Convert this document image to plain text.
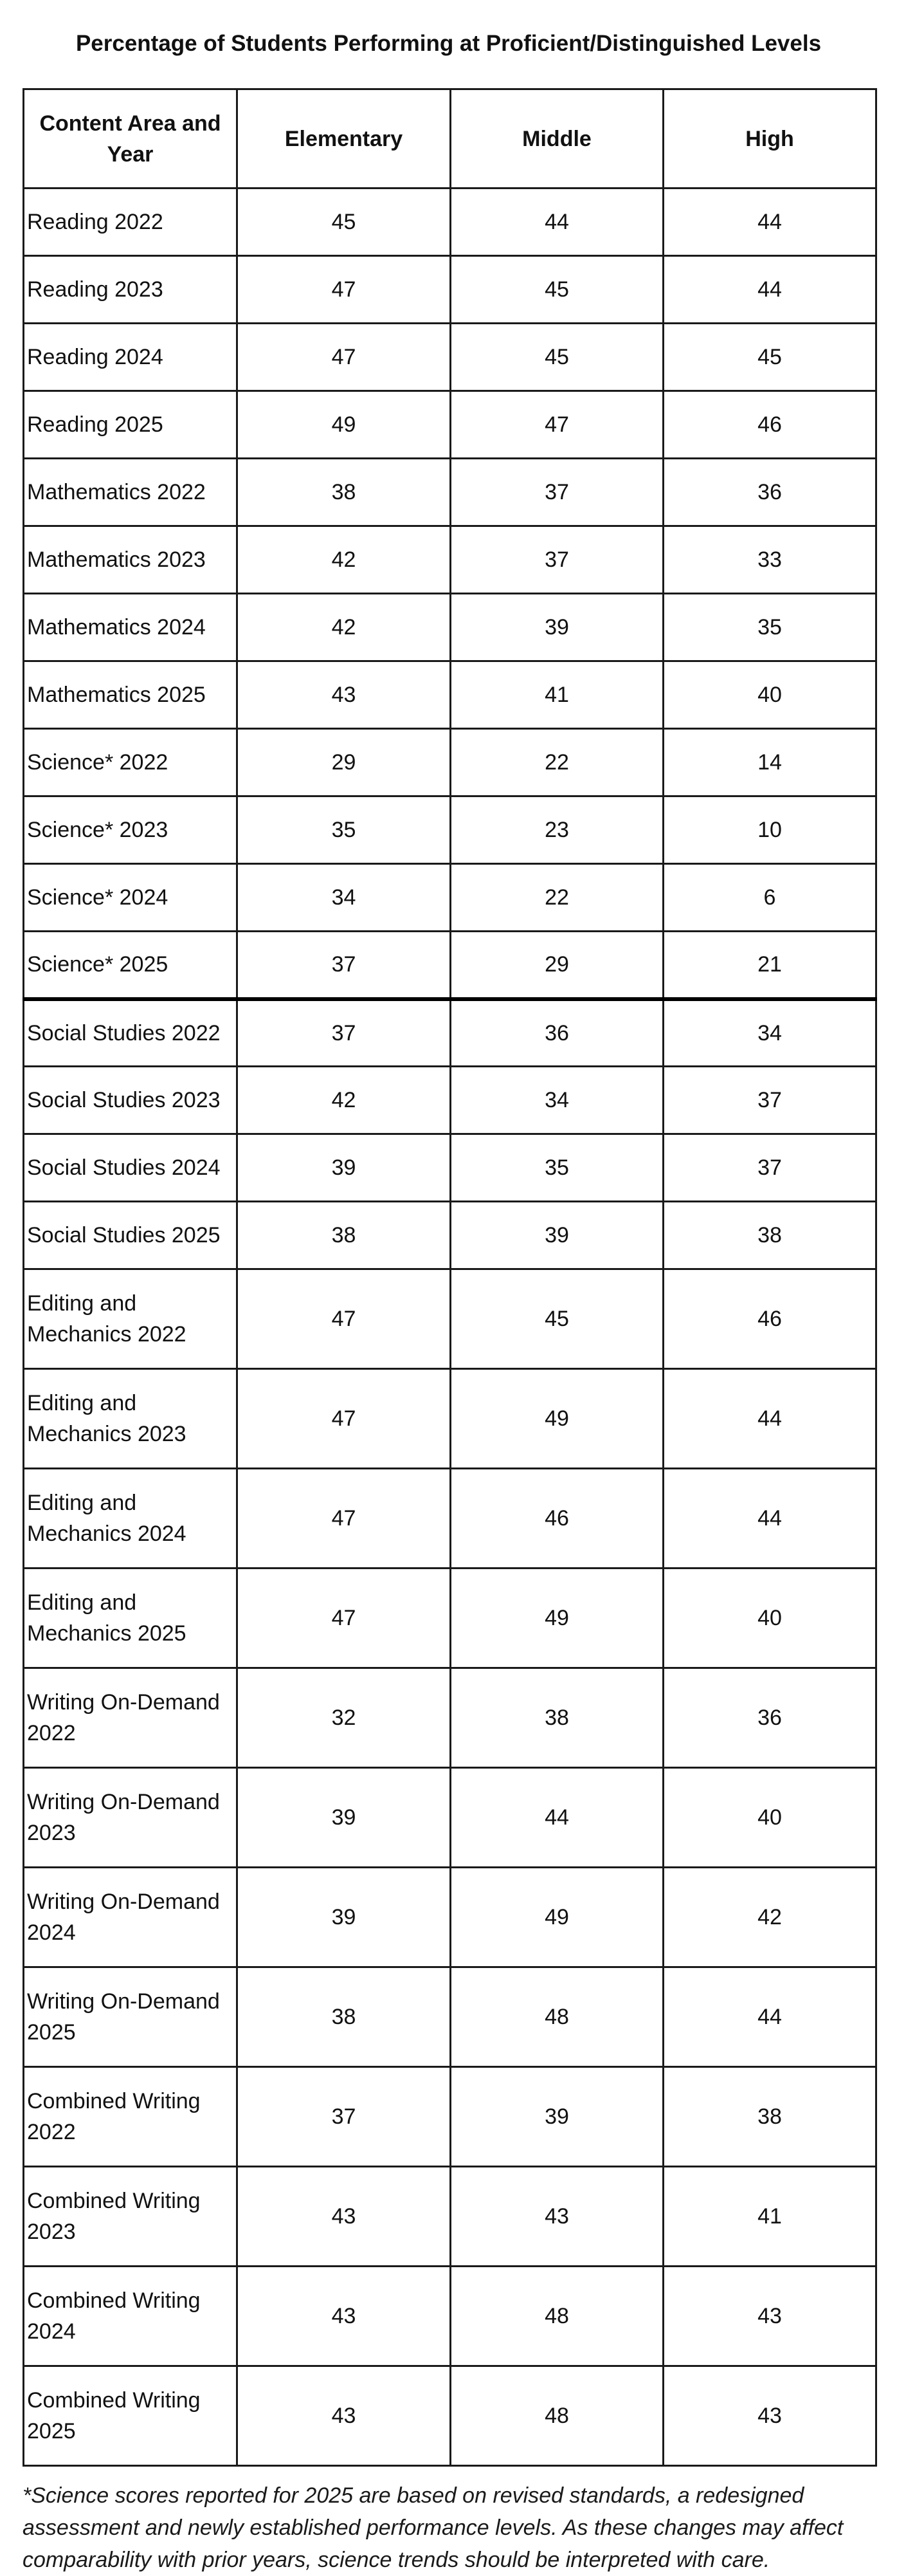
Percentage of Students Performing at Proficient/Distinguished Levels
Content Area and Year	Elementary	Middle	High
Reading 2022	45	44	44
Reading 2023	47	45	44
Reading 2024	47	45	45
Reading 2025	49	47	46
Mathematics 2022	38	37	36
Mathematics 2023	42	37	33
Mathematics 2024	42	39	35
Mathematics 2025	43	41	40
Science* 2022	29	22	14
Science* 2023	35	23	10
Science* 2024	34	22	6
Science* 2025	37	29	21
Social Studies 2022	37	36	34
Social Studies 2023	42	34	37
Social Studies 2024	39	35	37
Social Studies 2025	38	39	38
Editing and Mechanics 2022	47	45	46
Editing and Mechanics 2023	47	49	44
Editing and Mechanics 2024	47	46	44
Editing and Mechanics 2025	47	49	40
Writing On-Demand 2022	32	38	36
Writing On-Demand 2023	39	44	40
Writing On-Demand 2024	39	49	42
Writing On-Demand 2025	38	48	44
Combined Writing 2022	37	39	38
Combined Writing 2023	43	43	41
Combined Writing 2024	43	48	43
Combined Writing 2025	43	48	43
*Science scores reported for 2025 are based on revised standards, a redesigned assessment and newly established performance levels. As these changes may affect comparability with prior years, science trends should be interpreted with care.
